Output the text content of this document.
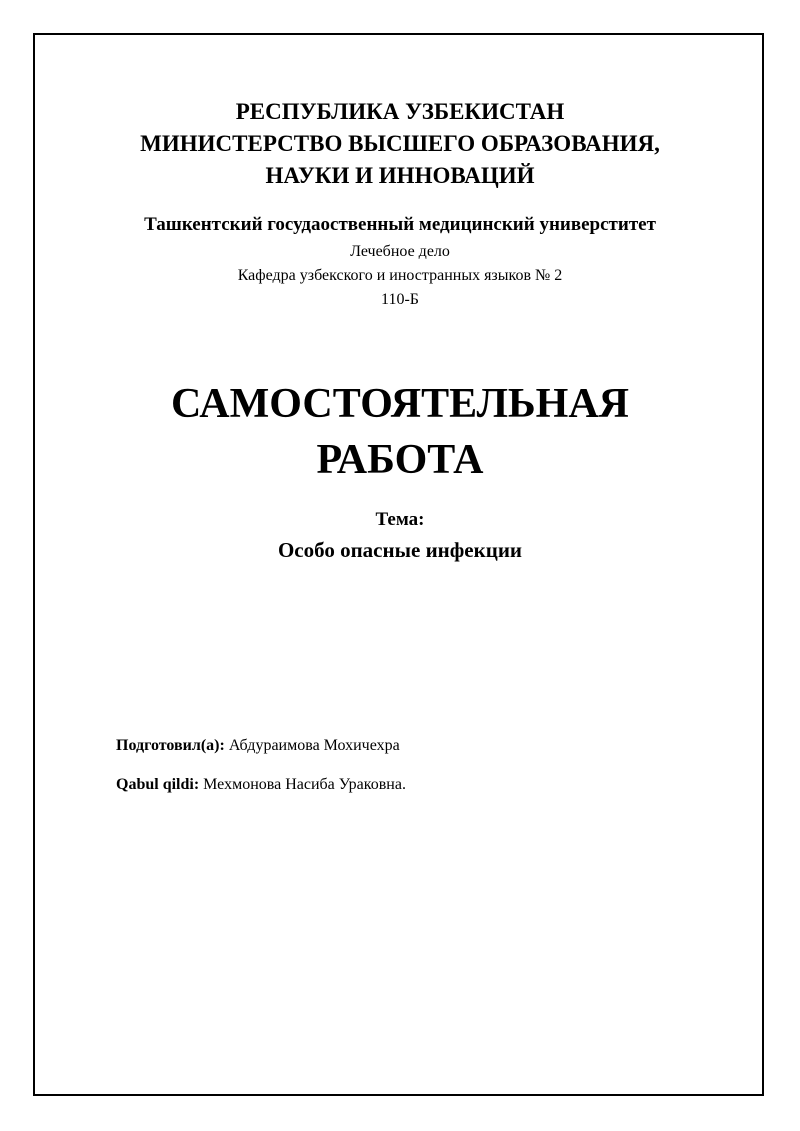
РЕСПУБЛИКА УЗБЕКИСТАН
МИНИСТЕРСТВО ВЫСШЕГО ОБРАЗОВАНИЯ,
НАУКИ И ИННОВАЦИЙ
Ташкентский госудаоственный медицинский универститет
Лечебное дело
Кафедра узбекского и иностранных языков № 2
110-Б
САМОСТОЯТЕЛЬНАЯ
РАБОТА
Тема:
Особо опасные инфекции
Подготовил(а): Абдураимова Мохичехра
Qabul qildi: Мехмонова Насиба Ураковна.
